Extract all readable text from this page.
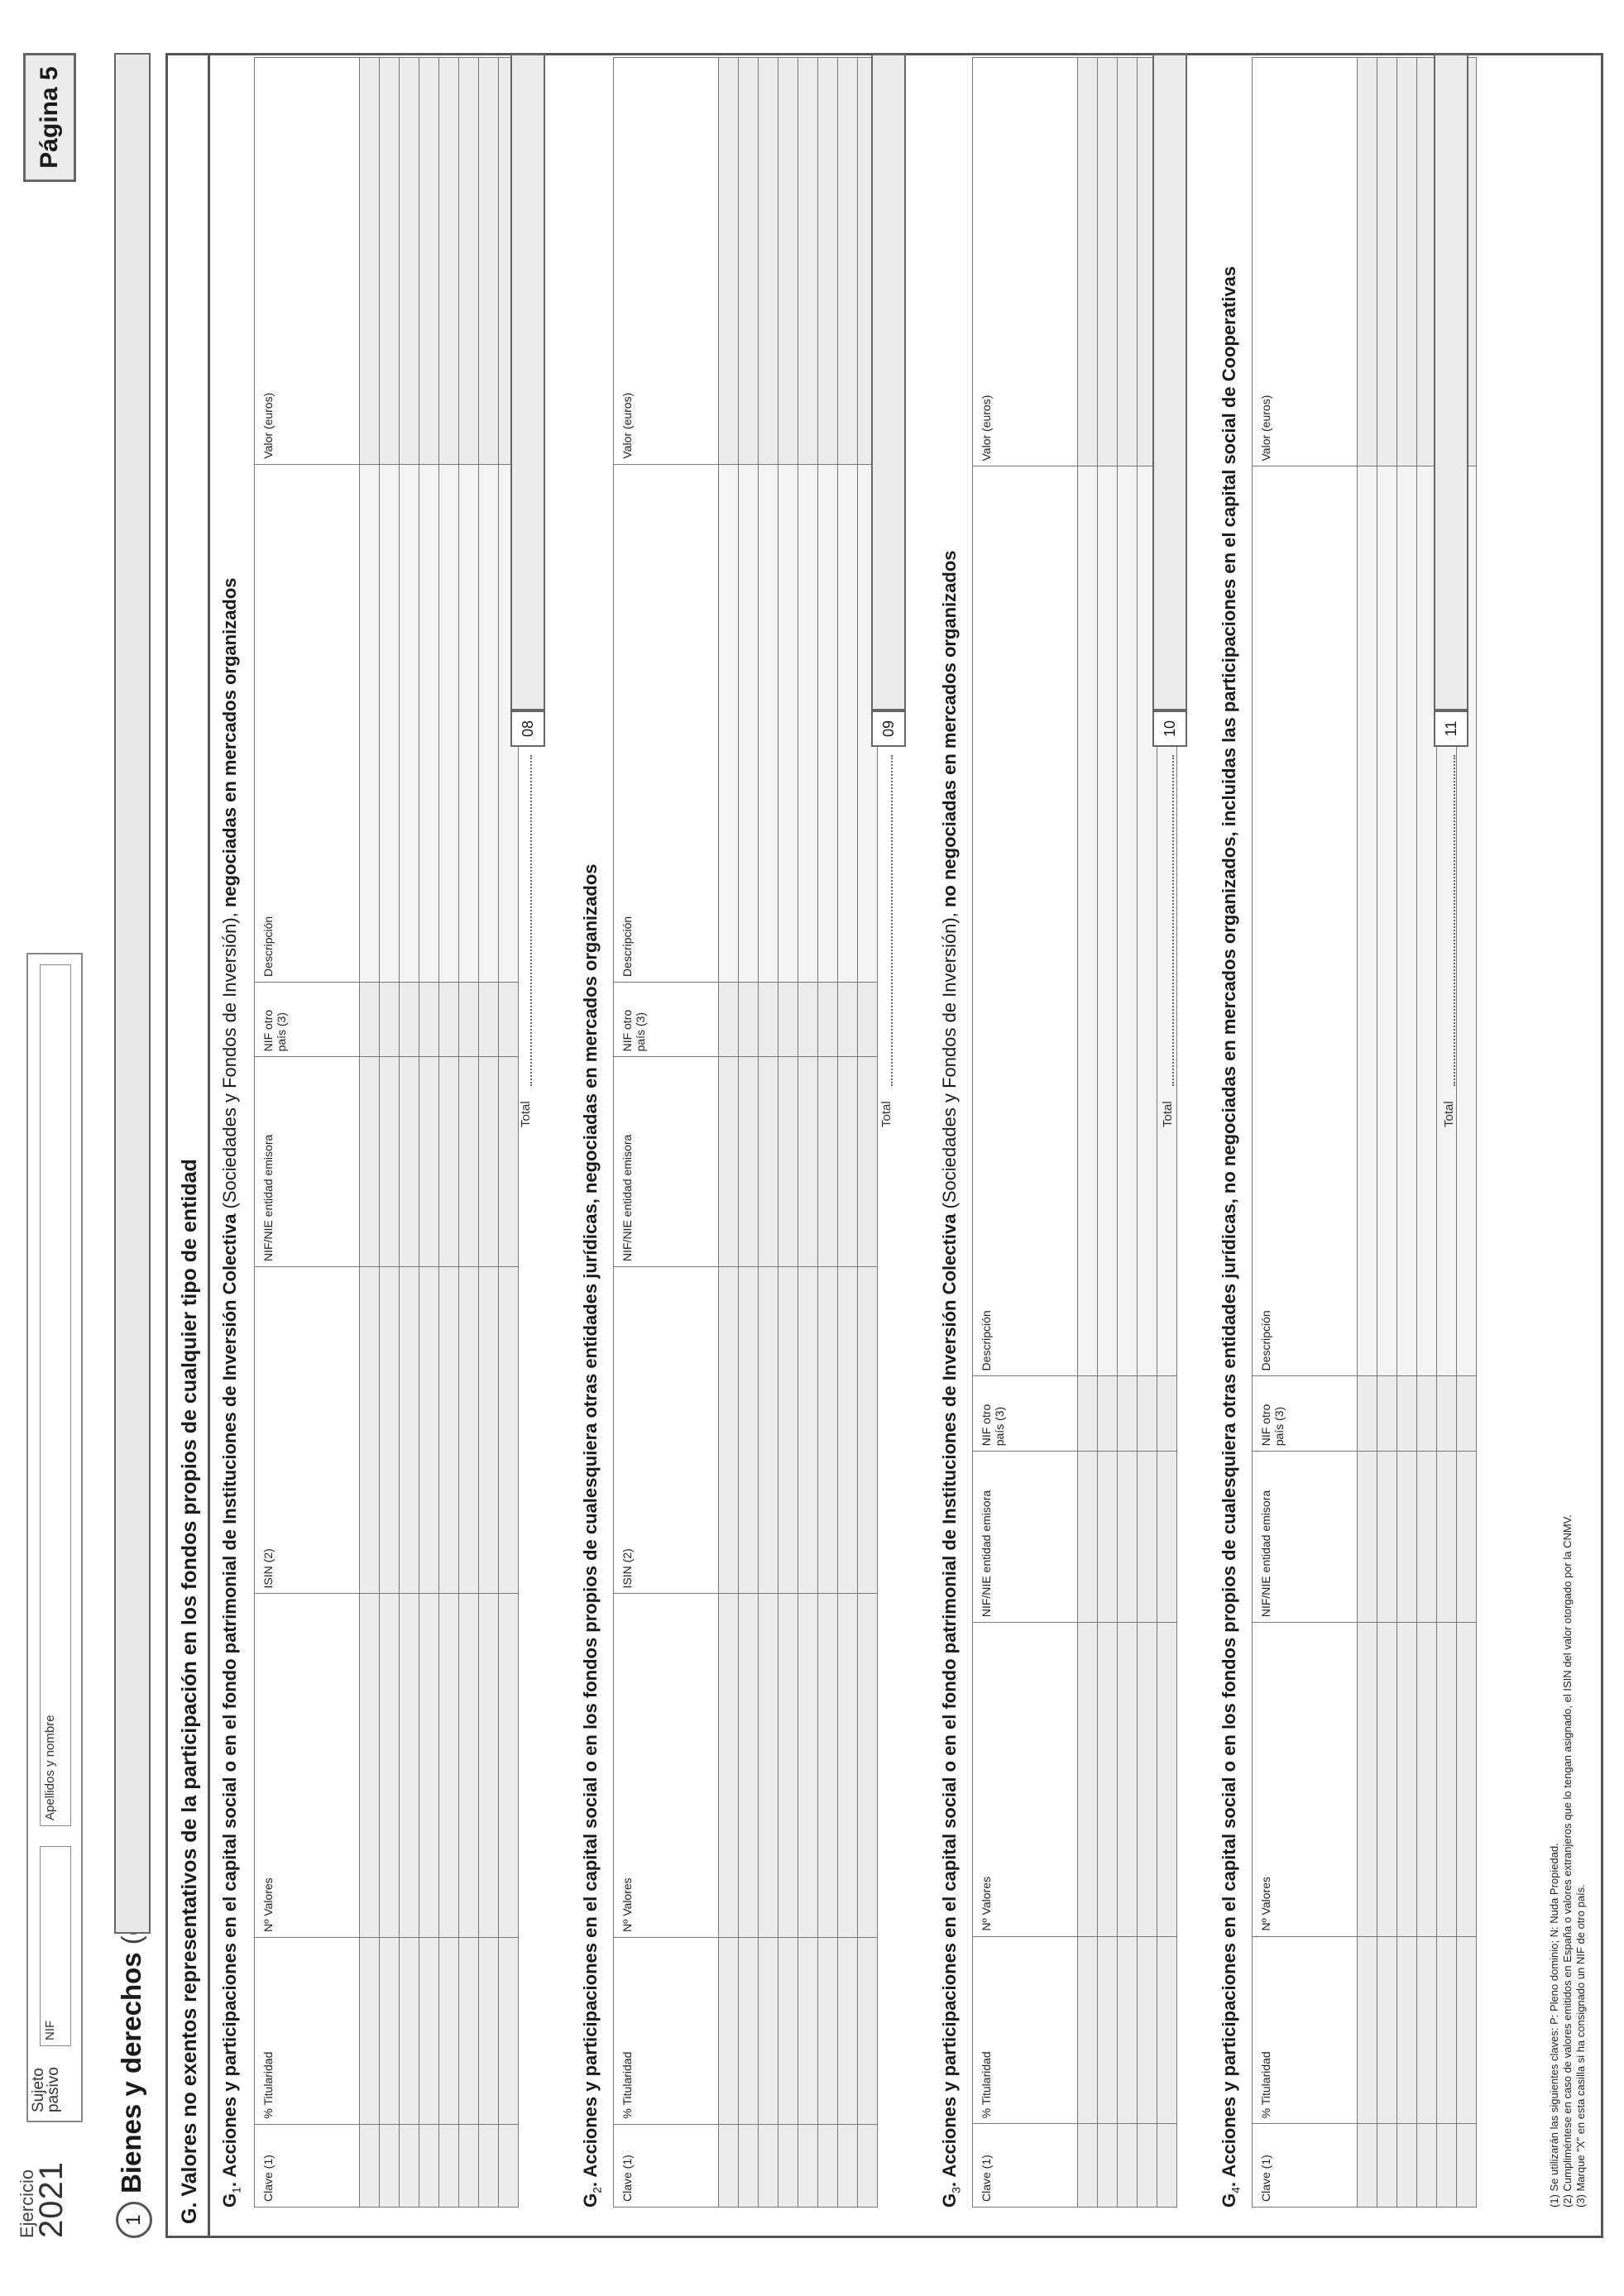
Ejercicio
2021
Sujeto pasivo
NIF
Apellidos y nombre
Página 5
1
Bienes y derechos G. Valores no exentos representativos de la participación en los fondos propios de cualquier tipo de entidad $G_1$. Acciones y participaciones en el capital social o en el fondo patrimonial de Instituciones de Inversión Colectiva (Sociedades y Fondos de Inversión), negociadas en mercados organizados
Clave (1)	% Titularidad	Nº Valores	ISIN (2)	NIF/NIE entidad emisora	NIF otro país (3)	Descripción	Valor (euros)

Total
08
$G_2$. Acciones y participaciones en el capital social o en los fondos propios de cualesquiera otras entidades jurídicas, negociadas en mercados organizados Clave (1)	% Titularidad	Nº Valores	ISIN (2)	NIF/NIE entidad emisora	NIF otro país (3)	Descripción	Valor (euros)

Total
09
$G_3$. Acciones y participaciones en el capital social o en el fondo patrimonial de Instituciones de Inversión Colectiva (Sociedades y Fondos de Inversión), no negociadas en mercados organizados
Clave (1)	% Titularidad	Nº Valores	NIF/NIE entidad emisora	NIF otro país (3)	Descripción	Valor (euros)

Total
10
$G_4$. Acciones y participaciones en el capital social o en los fondos propios de cualesquiera otras entidades jurídicas, no negociadas en mercados organizados, incluidas las participaciones en el capital social de Cooperativas Clave (1)	% Titularidad	Nº Valores	NIF/NIE entidad emisora	NIF otro país (3)	Descripción	Valor (euros)

Total
11
(1) Se utilizarán las siguientes claves: P: Pleno dominio; N: Nuda Propiedad. (2) Cumpliméntese en caso de valores emitidos en España o valores extranjeros que lo tengan asignado, el ISIN del valor otorgado por la CNMV. (3) Marque "X" en esta casilla si ha consignado un NIF de otro país.
